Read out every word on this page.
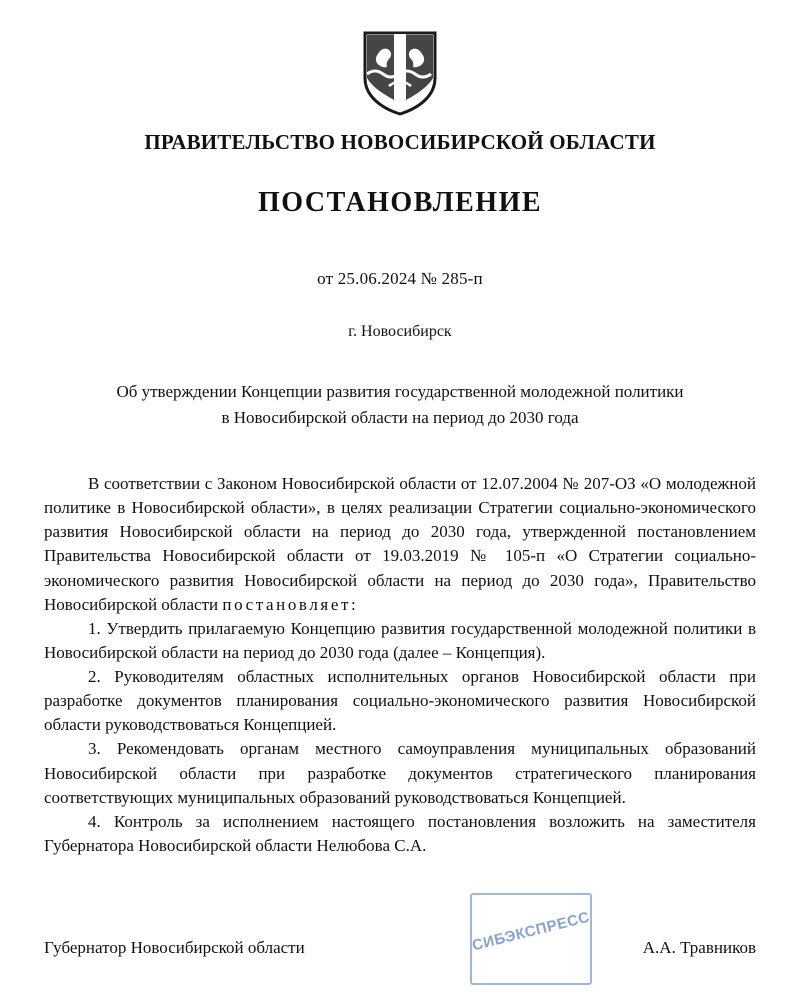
ПРАВИТЕЛЬСТВО НОВОСИБИРСКОЙ ОБЛАСТИ
ПОСТАНОВЛЕНИЕ
от 25.06.2024 № 285-п
г. Новосибирск
Об утверждении Концепции развития государственной молодежной политики
в Новосибирской области на период до 2030 года

В соответствии с Законом Новосибирской области от 12.07.2004 № 207-ОЗ «О молодежной политике в Новосибирской области», в целях реализации Стратегии социально-экономического развития Новосибирской области на период до 2030 года, утвержденной постановлением Правительства Новосибирской области от 19.03.2019 № 105-п «О Стратегии социально-экономического развития Новосибирской области на период до 2030 года», Правительство Новосибирской области постановляет:

1. Утвердить прилагаемую Концепцию развития государственной молодежной политики в Новосибирской области на период до 2030 года (далее – Концепция).

2. Руководителям областных исполнительных органов Новосибирской области при разработке документов планирования социально-экономического развития Новосибирской области руководствоваться Концепцией.

3. Рекомендовать органам местного самоуправления муниципальных образований Новосибирской области при разработке документов стратегического планирования соответствующих муниципальных образований руководствоваться Концепцией.

4. Контроль за исполнением настоящего постановления возложить на заместителя Губернатора Новосибирской области Нелюбова С.А.

Губернатор Новосибирской области	А.А. Травников
СИБЭКСПРЕСС
